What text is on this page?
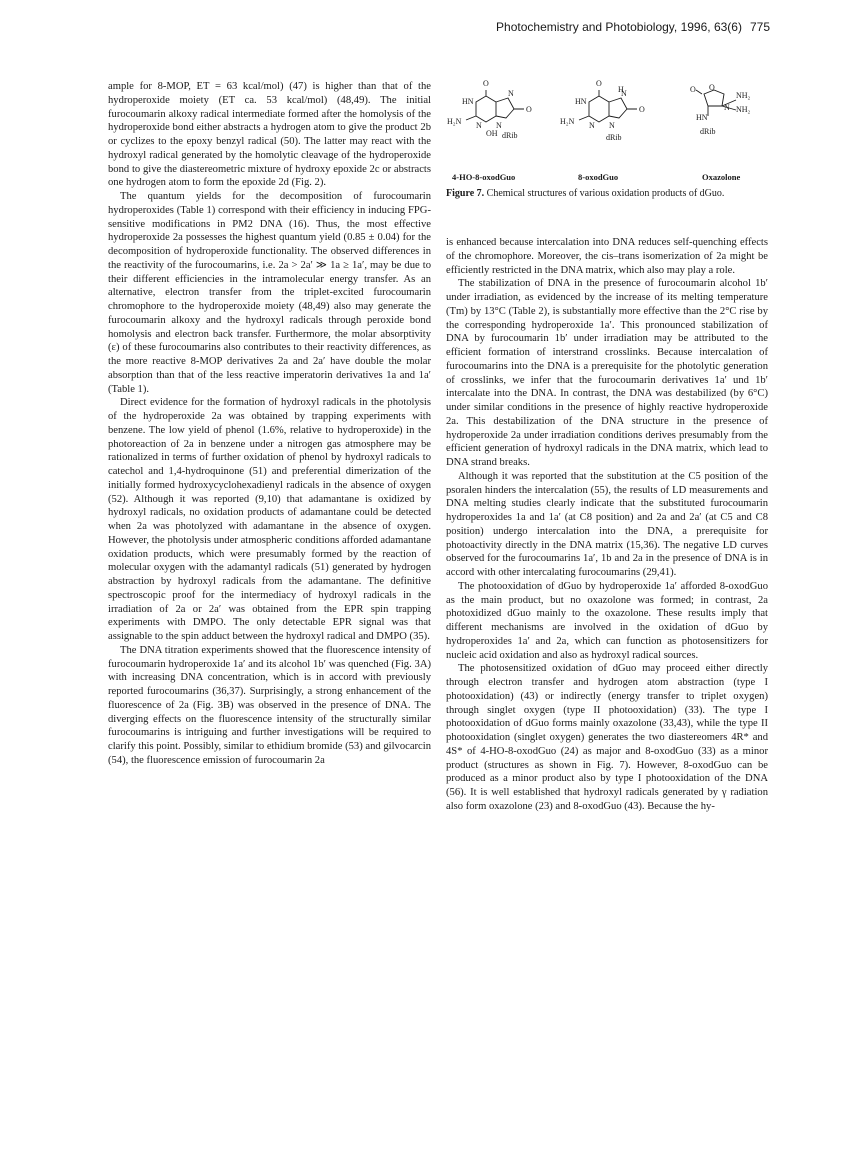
Photochemistry and Photobiology, 1996, 63(6) 775

ample for 8-MOP, ET = 63 kcal/mol) (47) is higher than that of the hydroperoxide moiety (ET ca. 53 kcal/mol) (48,49). The initial furocoumarin alkoxy radical intermediate formed after the homolysis of the hydroperoxide bond either abstracts a hydrogen atom to give the product 2b or cyclizes to the epoxy benzyl radical (50). The latter may react with the hydroxyl radical generated by the homolytic cleavage of the hydroperoxide bond to give the diastereometric mixture of hydroxy epoxide 2c or abstracts one hydrogen atom to form the epoxide 2d (Fig. 2).

The quantum yields for the decomposition of furocoumarin hydroperoxides (Table 1) correspond with their efficiency in inducing FPG-sensitive modifications in PM2 DNA (16). Thus, the most effective hydroperoxide 2a possesses the highest quantum yield (0.85 ± 0.04) for the decomposition of hydroperoxide functionality. The observed differences in the reactivity of the furocoumarins, i.e. 2a > 2a′ ≫ 1a ≥ 1a′, may be due to their different efficiencies in the intramolecular energy transfer. As an alternative, electron transfer from the triplet-excited furocoumarin chromophore to the hydroperoxide moiety (48,49) also may generate the furocoumarin alkoxy and the hydroxyl radicals through peroxide bond homolysis and electron back transfer. Furthermore, the molar absorptivity (ε) of these furocoumarins also contributes to their reactivity differences, as the more reactive 8-MOP derivatives 2a and 2a′ have double the molar absorption than that of the less reactive imperatorin derivatives 1a and 1a′ (Table 1).

Direct evidence for the formation of hydroxyl radicals in the photolysis of the hydroperoxide 2a was obtained by trapping experiments with benzene. The low yield of phenol (1.6%, relative to hydroperoxide) in the photoreaction of 2a in benzene under a nitrogen gas atmosphere may be rationalized in terms of further oxidation of phenol by hydroxyl radicals to catechol and 1,4-hydroquinone (51) and preferential dimerization of the initially formed hydroxycyclohexadienyl radicals in the absence of oxygen (52). Although it was reported (9,10) that adamantane is oxidized by hydroxyl radicals, no oxidation products of adamantane could be detected when 2a was photolyzed with adamantane in the absence of oxygen. However, the photolysis under atmospheric conditions afforded adamantane oxidation products, which were presumably formed by the reaction of molecular oxygen with the adamantyl radicals (51) generated by hydrogen abstraction by hydroxyl radicals from the adamantane. The definitive spectroscopic proof for the intermediacy of hydroxyl radicals in the irradiation of 2a or 2a′ was obtained from the EPR spin trapping experiments with DMPO. The only detectable EPR signal was that assignable to the spin adduct between the hydroxyl radical and DMPO (35).

The DNA titration experiments showed that the fluorescence intensity of furocoumarin hydroperoxide 1a′ and its alcohol 1b′ was quenched (Fig. 3A) with increasing DNA concentration, which is in accord with previously reported furocoumarins (36,37). Surprisingly, a strong enhancement of the fluorescence of 2a (Fig. 3B) was observed in the presence of DNA. The diverging effects on the fluorescence intensity of the structurally similar furocoumarins is intriguing and further investigations will be required to clarify this point. Possibly, similar to ethidium bromide (53) and gilvocarcin (54), the fluorescence emission of furocoumarin 2a

O
HN
N
O
H₂N N N
OH dRib
O
H
HN
N
O
H₂N N N
dRib
O O
NH₂
N NH₂
HN
dRib
4-HO-8-oxodGuo	8-oxodGuo	Oxazolone
Figure 7. Chemical structures of various oxidation products of dGuo.

is enhanced because intercalation into DNA reduces self-quenching effects of the chromophore. Moreover, the cis–trans isomerization of 2a might be efficiently restricted in the DNA matrix, which also may play a role.

The stabilization of DNA in the presence of furocoumarin alcohol 1b′ under irradiation, as evidenced by the increase of its melting temperature (Tm) by 13°C (Table 2), is substantially more effective than the 2°C rise by the corresponding hydroperoxide 1a′. This pronounced stabilization of DNA by furocoumarin 1b′ under irradiation may be attributed to the efficient formation of interstrand crosslinks. Because intercalation of furocoumarins into the DNA is a prerequisite for the photolytic generation of crosslinks, we infer that the furocoumarin derivatives 1a′ und 1b′ intercalate into the DNA. In contrast, the DNA was destabilized (by 6°C) under similar conditions in the presence of highly reactive hydroperoxide 2a. This destabilization of the DNA structure in the presence of hydroperoxide 2a under irradiation conditions derives presumably from the efficient generation of hydroxyl radicals in the DNA matrix, which lead to DNA strand breaks.

Although it was reported that the substitution at the C5 position of the psoralen hinders the intercalation (55), the results of LD measurements and DNA melting studies clearly indicate that the substituted furocoumarin hydroperoxides 1a and 1a′ (at C8 position) and 2a and 2a′ (at C5 and C8 position) undergo intercalation into the DNA, a prerequisite for photoactivity directly in the DNA matrix (15,36). The negative LD curves observed for the furocoumarins 1a′, 1b and 2a in the presence of DNA is in accord with other intercalating furocoumarins (29,41).

The photooxidation of dGuo by hydroperoxide 1a′ afforded 8-oxodGuo as the main product, but no oxazolone was formed; in contrast, 2a photoxidized dGuo mainly to the oxazolone. These results imply that different mechanisms are involved in the oxidation of dGuo by hydroperoxides 1a′ and 2a, which can function as photosensitizers for nucleic acid oxidation and also as hydroxyl radical sources.

The photosensitized oxidation of dGuo may proceed either directly through electron transfer and hydrogen atom abstraction (type I photooxidation) (43) or indirectly (energy transfer to triplet oxygen) through singlet oxygen (type II photooxidation) (33). The type I photooxidation of dGuo forms mainly oxazolone (33,43), while the type II photooxidation (singlet oxygen) generates the two diastereomers 4R* and 4S* of 4-HO-8-oxodGuo (24) as major and 8-oxodGuo (33) as a minor product (structures as shown in Fig. 7). However, 8-oxodGuo can be produced as a minor product also by type I photooxidation of the DNA (56). It is well established that hydroxyl radicals generated by γ radiation also form oxazolone (23) and 8-oxodGuo (43). Because the hy-
